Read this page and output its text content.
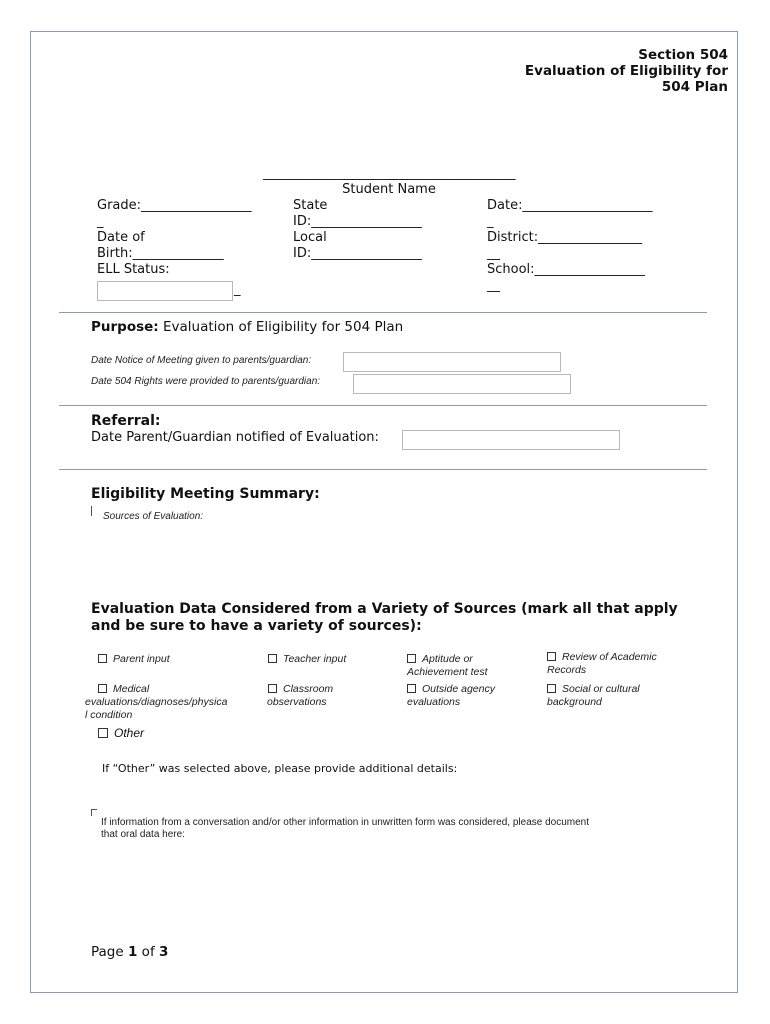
Section 504
Evaluation of Eligibility for
504 Plan
__________________________________________
Student Name
Grade:_________________
_
Date of
Birth:______________
ELL Status:
_
State
ID:_________________
Local
ID:_________________
Date:____________________
_
District:________________
__
School:_________________
__
Purpose: Evaluation of Eligibility for 504 Plan
Date Notice of Meeting given to parents/guardian:
Date 504 Rights were provided to parents/guardian:
Referral:
Date Parent/Guardian notified of Evaluation:
Eligibility Meeting Summary:
Sources of Evaluation:
Evaluation Data Considered from a Variety of Sources (mark all that apply
and be sure to have a variety of sources):
Parent input	Teacher input	Aptitude or
Achievement test
Review of Academic
Records
Medical
evaluations/diagnoses/physica
l condition
Classroom
observations
Outside agency
evaluations
Social or cultural
background
Other
If “Other” was selected above, please provide additional details:
If information from a conversation and/or other information in unwritten form was considered, please document
that oral data here:
Page 1 of 3
